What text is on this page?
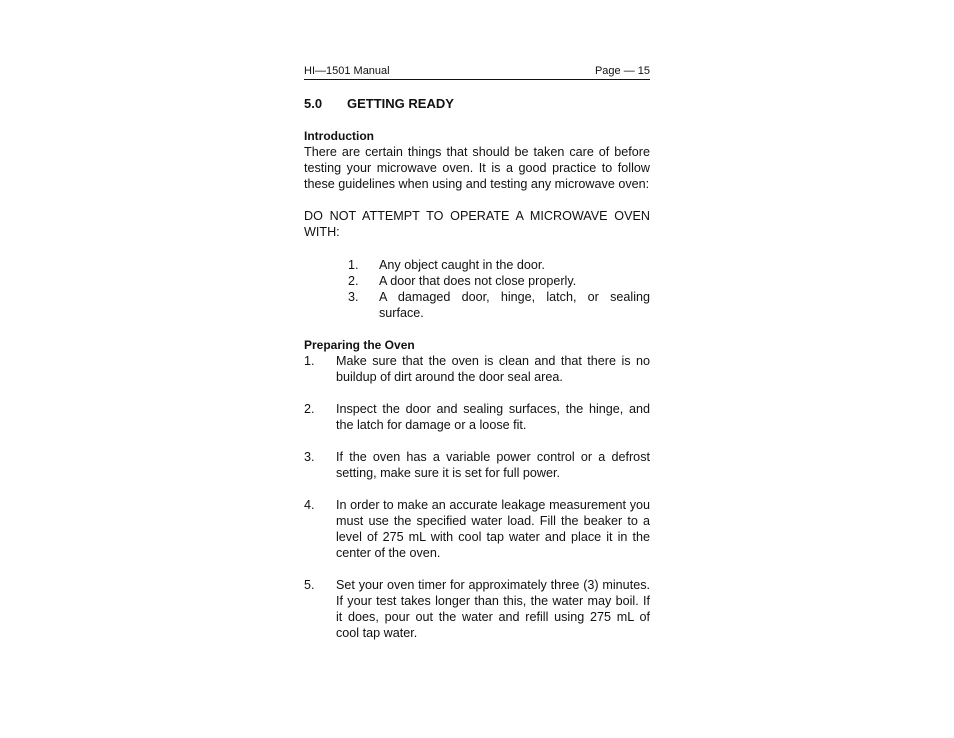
HI—1501 Manual	Page — 15
5.0	GETTING READY
Introduction

There are certain things that should be taken care of before testing your microwave oven. It is a good practice to follow these guidelines when using and testing any microwave oven:

DO NOT ATTEMPT TO OPERATE A MICROWAVE OVEN WITH:

1.	Any object caught in the door.
2.	A door that does not close properly.
3.	A damaged door, hinge, latch, or sealing surface.
Preparing the Oven
1.	Make sure that the oven is clean and that there is no buildup of dirt around the door seal area.
2.	Inspect the door and sealing surfaces, the hinge, and the latch for damage or a loose fit.
3.	If the oven has a variable power control or a defrost setting, make sure it is set for full power.
4.	In order to make an accurate leakage measurement you must use the specified water load. Fill the beaker to a level of 275 mL with cool tap water and place it in the center of the oven.
5.	Set your oven timer for approximately three (3) minutes. If your test takes longer than this, the water may boil. If it does, pour out the water and refill using 275 mL of cool tap water.
